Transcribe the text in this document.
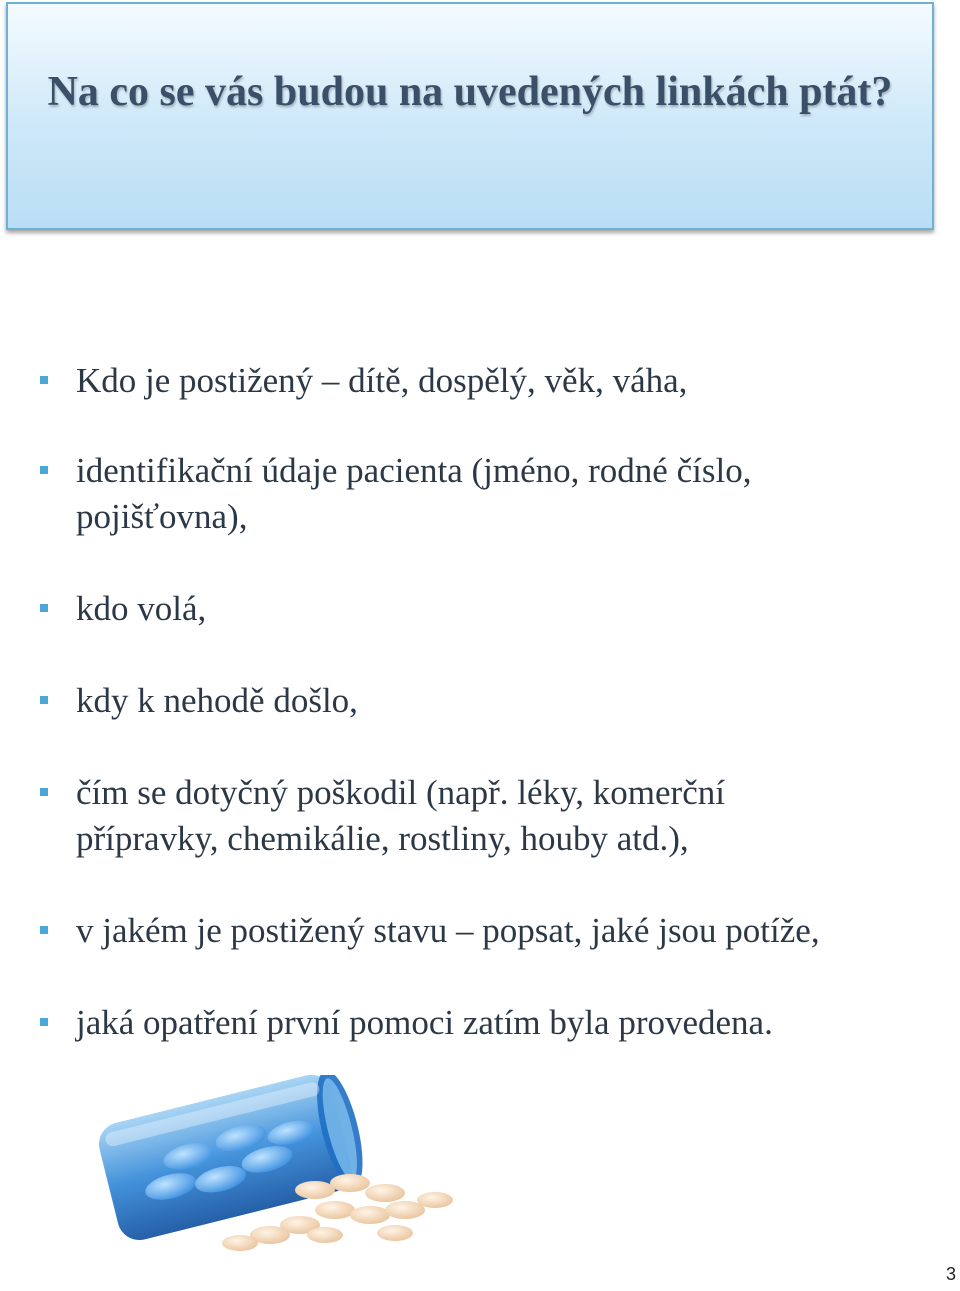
Na co se vás budou na uvedených linkách ptát?
Kdo je postižený – dítě, dospělý, věk, váha,
identifikační údaje pacienta (jméno, rodné číslo,
pojišťovna),
kdo volá,
kdy k nehodě došlo,
čím se dotyčný poškodil (např. léky, komerční
přípravky, chemikálie, rostliny, houby atd.),
v jakém je postižený stavu – popsat, jaké jsou potíže,
jaká opatření první pomoci zatím byla provedena.
3
